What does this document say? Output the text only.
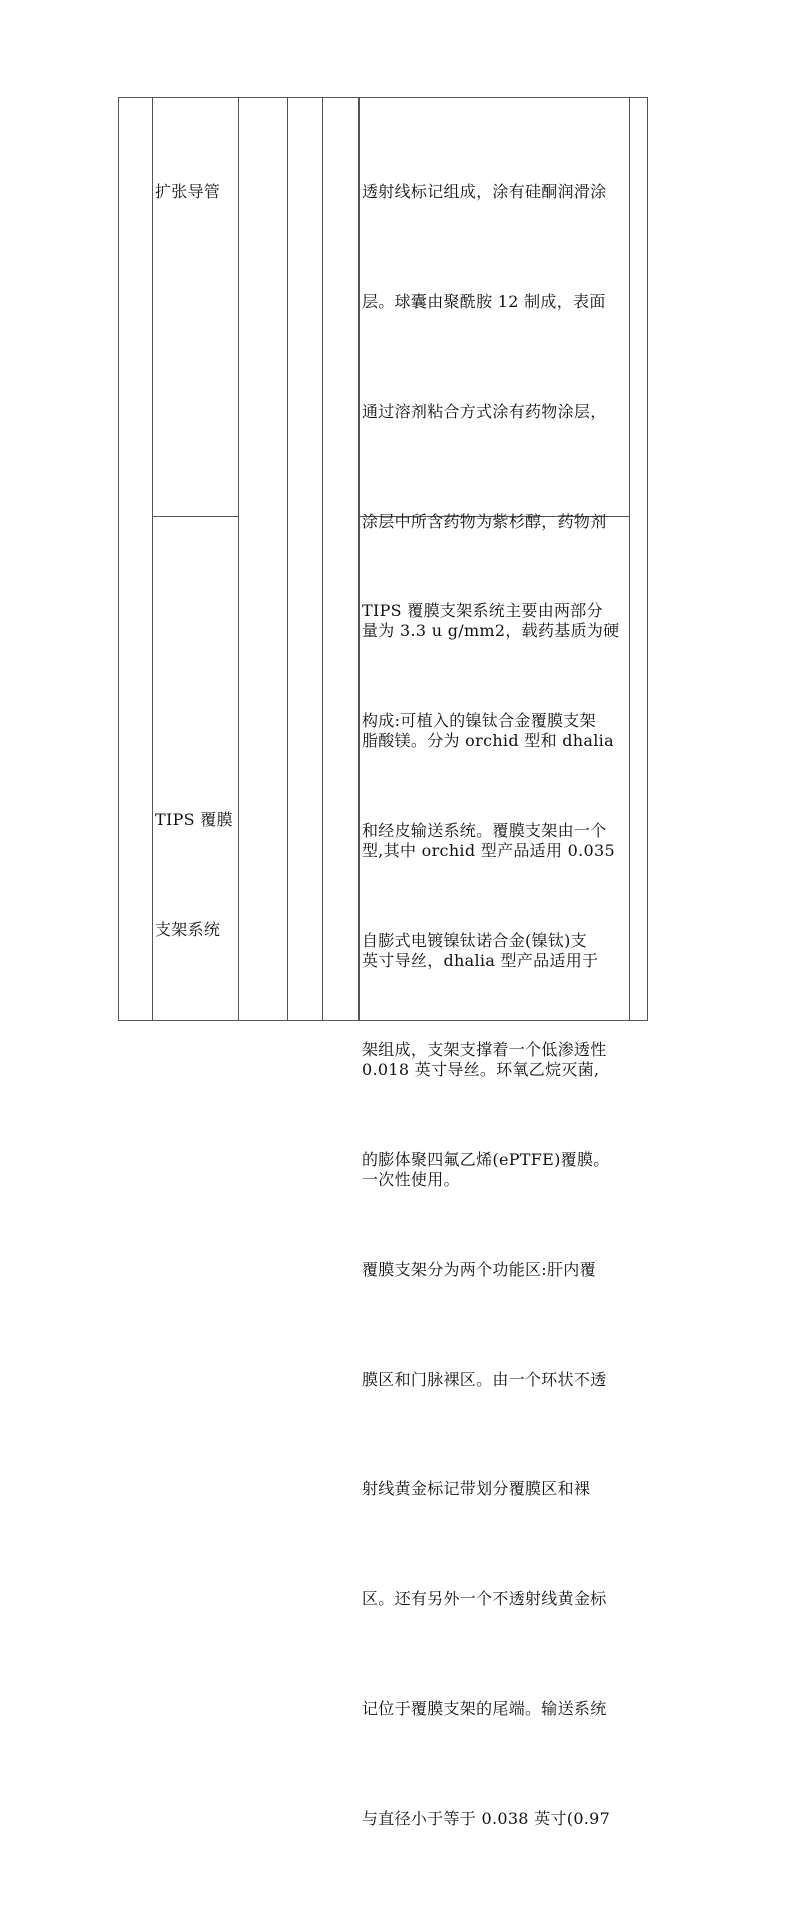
扩张导管

	透射线标记组成，涂有硅酮润滑涂

层。球囊由聚酰胺 12 制成，表面

通过溶剂粘合方式涂有药物涂层，

涂层中所含药物为紫杉醇，药物剂

量为 3.3 u g/mm2，载药基质为硬

脂酸镁。分为 orchid 型和 dhalia

型,其中 orchid 型产品适用 0.035

英寸导丝，dhalia 型产品适用于

0.018 英寸导丝。环氧乙烷灭菌,

一次性使用。

TIPS 覆膜

支架系统

TIPS 覆膜支架系统主要由两部分

构成:可植入的镍钛合金覆膜支架

和经皮输送系统。覆膜支架由一个

自膨式电镀镍钛诺合金(镍钛)支

架组成，支架支撑着一个低渗透性

的膨体聚四氟乙烯(ePTFE)覆膜。

覆膜支架分为两个功能区:肝内覆

膜区和门脉裸区。由一个环状不透

射线黄金标记带划分覆膜区和裸

区。还有另外一个不透射线黄金标

记位于覆膜支架的尾端。输送系统

与直径小于等于 0.038 英寸(0.97
